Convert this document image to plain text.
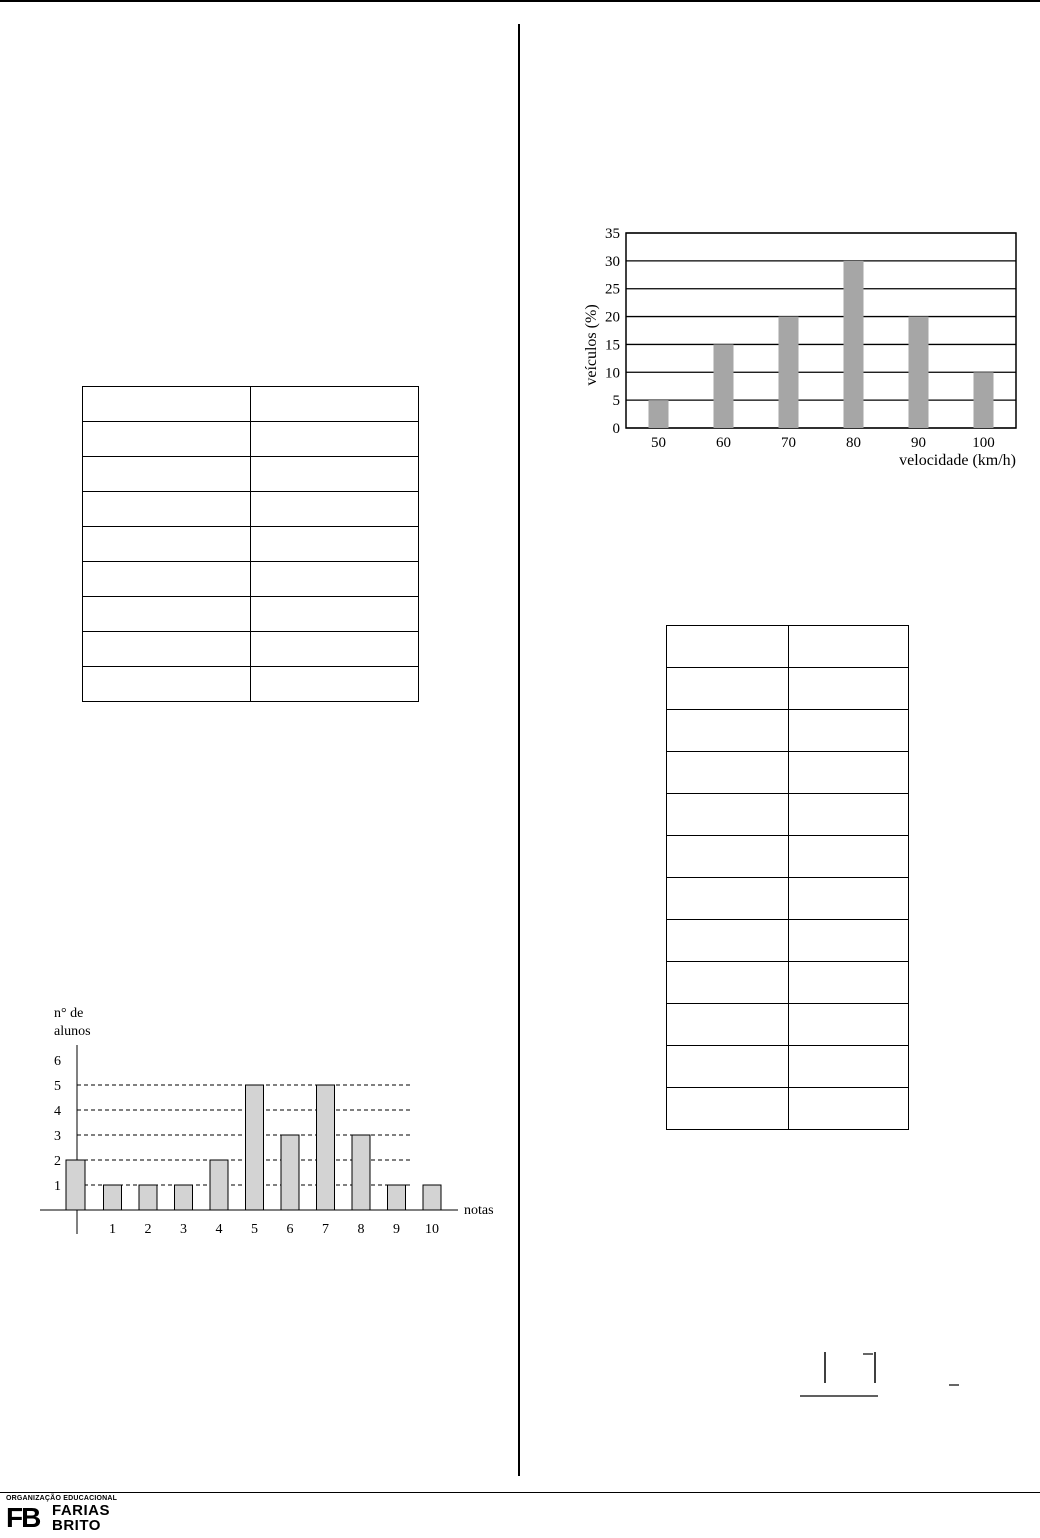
0
5
10
15
20
25
30
35
50	60	70	80	90	100
veículos (%)
velocidade (km/h)
n° de
alunos
1
2
3
4
5
6
1 2 3 4 5 6 7 8 9 10
notas
ORGANIZAÇÃO EDUCACIONAL
FB FARIAS
BRITO
